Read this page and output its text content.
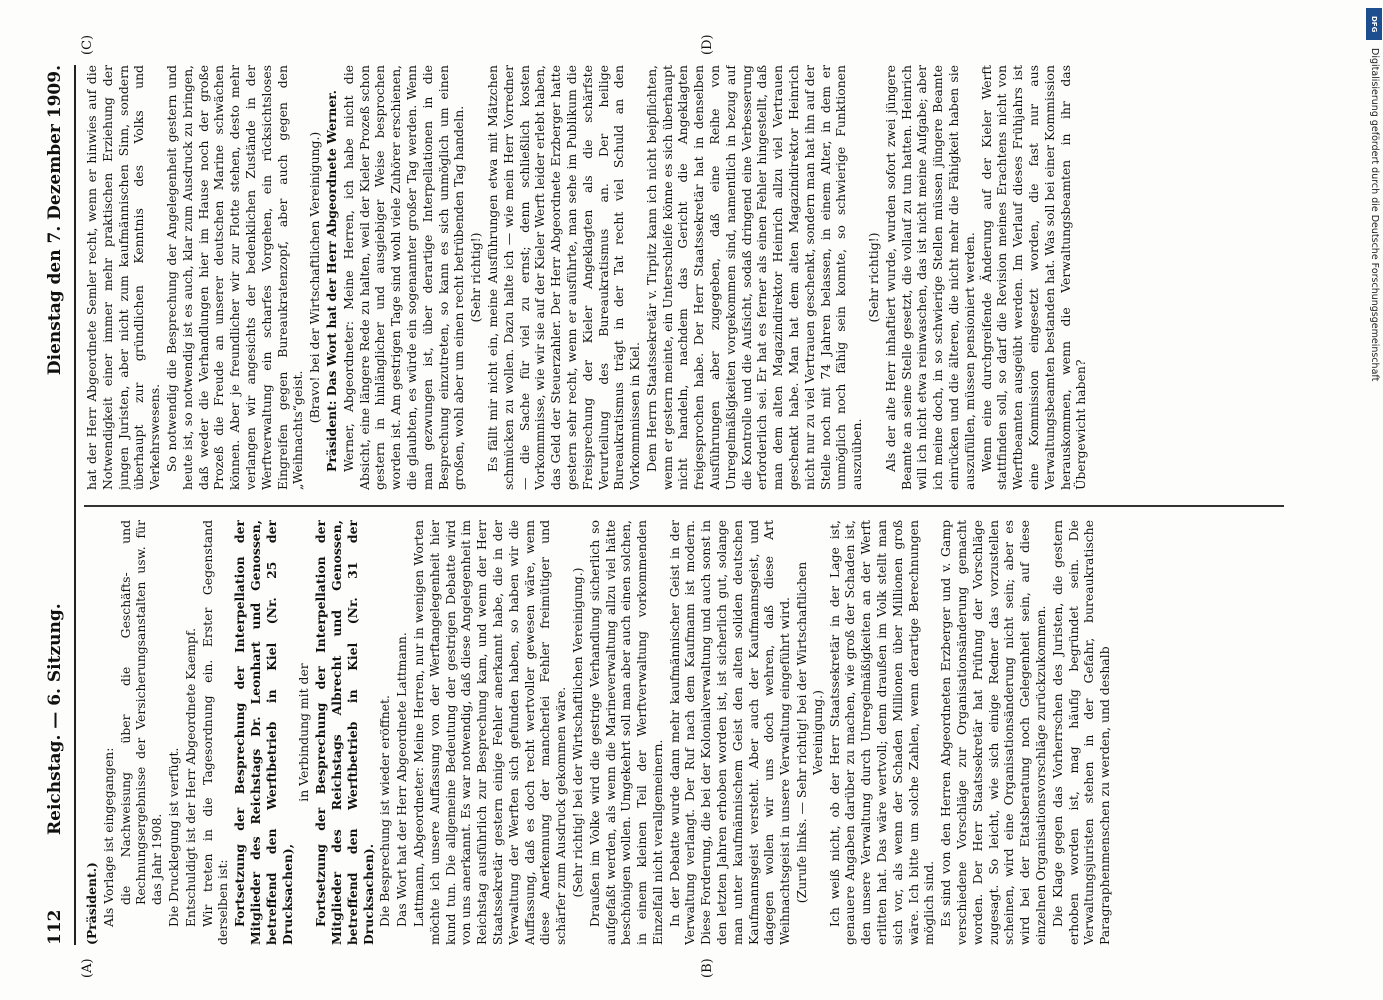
112
Reichstag. — 6. Sitzung.
Dienstag den 7. Dezember 1909.
(A)	(B)
(C)	(D)

(Präsident.) Als Vorlage ist eingegangen: die Nachweisung über die Geschäfts- und Rechnungsergebnisse der Versicherungsanstalten usw. für das Jahr 1908. Die Drucklegung ist verfügt. Entschuldigt ist der Herr Abgeordnete Kaempf. Wir treten in die Tagesordnung ein. Erster Gegenstand derselben ist: Fortsetzung der Besprechung der Interpellation der Mitglieder des Reichstags Dr. Leonhart und Genossen, betreffend den Werftbetrieb in Kiel (Nr. 25 der Drucksachen),

in Verbindung mit der Fortsetzung der Besprechung der Interpellation der Mitglieder des Reichstags Albrecht und Genossen, betreffend den Werftbetrieb in Kiel (Nr. 31 der Drucksachen). Die Besprechung ist wieder eröffnet. Das Wort hat der Herr Abgeordnete Lattmann. Lattmann, Abgeordneter: Meine Herren, nur in wenigen Worten möchte ich unsere Auffassung von der Werftangelegenheit hier kund tun. Die allgemeine Bedeutung der gestrigen Debatte wird von uns anerkannt. Es war notwendig, daß diese Angelegenheit im Reichstag ausführlich zur Besprechung kam, und wenn der Herr Staatssekretär gestern einige Fehler anerkannt habe, die in der Verwaltung der Werften sich gefunden haben, so haben wir die Auffassung, daß es doch recht wertvoller gewesen wäre, wenn diese Anerkennung der mancherlei Fehler freimütiger und schärfer zum Ausdruck gekommen wäre. (Sehr richtig! bei der Wirtschaftlichen Vereinigung.) Draußen im Volke wird die gestrige Verhandlung sicherlich so aufgefaßt werden, als wenn die Marineverwaltung allzu viel hätte beschönigen wollen. Umgekehrt soll man aber auch einen solchen, in einem kleinen Teil der Werftverwaltung vorkommenden Einzelfall nicht verallgemeinern. In der Debatte wurde dann mehr kaufmännischer Geist in der Verwaltung verlangt. Der Ruf nach dem Kaufmann ist modern. Diese Forderung, die bei der Kolonialverwaltung und auch sonst in den letzten Jahren erhoben worden ist, ist sicherlich gut, solange man unter kaufmännischem Geist den alten soliden deutschen Kaufmannsgeist versteht. Aber auch der Kaufmannsgeist, und dagegen wollen wir uns doch wehren, daß diese Art Weihnachtsgeist in unsere Verwaltung eingeführt wird. (Zurufe links. — Sehr richtig! bei der Wirtschaftlichen Vereinigung.) Ich weiß nicht, ob der Herr Staatssekretär in der Lage ist, genauere Angaben darüber zu machen, wie groß der Schaden ist, den unsere Verwaltung durch Unregelmäßigkeiten an der Werft erlitten hat. Das wäre wertvoll; denn draußen im Volk stellt man sich vor, als wenn der Schaden Millionen über Millionen groß wäre. Ich bitte um solche Zahlen, wenn derartige Berechnungen möglich sind. Es sind von den Herren Abgeordneten Erzberger und v. Gamp verschiedene Vorschläge zur Organisationsänderung gemacht worden. Der Herr Staatssekretär hat Prüfung der Vorschläge zugesagt. So leicht, wie sich einige Redner das vorzustellen scheinen, wird eine Organisationsänderung nicht sein; aber es wird bei der Etatsberatung noch Gelegenheit sein, auf diese einzelnen Organisationsvorschläge zurückzukommen. Die Klage gegen das Vorherrschen des Juristen, die gestern erhoben worden ist, mag häufig begründet sein. Die Verwaltungsjuristen stehen in der Gefahr, bureaukratische Paragraphenmenschen zu werden, und deshalb

hat der Herr Abgeordnete Semler recht, wenn er hinwies auf die Notwendigkeit einer immer mehr praktischen Erziehung der jungen Juristen, aber nicht zum kaufmännischen Sinn, sondern überhaupt zur gründlichen Kenntnis des Volks und Verkehrswesens. So notwendig die Besprechung der Angelegenheit gestern und heute ist, so notwendig ist es auch, klar zum Ausdruck zu bringen, daß weder die Verhandlungen hier im Hause noch der große Prozeß die Freude an unserer deutschen Marine schwächen können. Aber je freundlicher wir zur Flotte stehen, desto mehr verlangen wir angesichts der bedenklichen Zustände in der Werftverwaltung ein scharfes Vorgehen, ein rücksichtsloses Eingreifen gegen Bureaukratenzopf, aber auch gegen den „Weihnachts“geist.

(Bravo! bei der Wirtschaftlichen Vereinigung.) Präsident: Das Wort hat der Herr Abgeordnete Werner. Werner, Abgeordneter: Meine Herren, ich habe nicht die Absicht, eine längere Rede zu halten, weil der Kieler Prozeß schon gestern in hinlänglicher und ausgiebiger Weise besprochen worden ist. Am gestrigen Tage sind wohl viele Zuhörer erschienen, die glaubten, es würde ein sogenannter großer Tag werden. Wenn man gezwungen ist, über derartige Interpellationen in die Besprechung einzutreten, so kann es sich unmöglich um einen großen, wohl aber um einen recht betrübenden Tag handeln. (Sehr richtig!) Es fällt mir nicht ein, meine Ausführungen etwa mit Mätzchen schmücken zu wollen. Dazu halte ich — wie mein Herr Vorredner — die Sache für viel zu ernst; denn schließlich kosten Vorkommnisse, wie wir sie auf der Kieler Werft leider erlebt haben, das Geld der Steuerzahler. Der Herr Abgeordnete Erzberger hatte gestern sehr recht, wenn er ausführte, man sehe im Publikum die Freisprechung der Kieler Angeklagten als die schärfste Verurteilung des Bureaukratismus an. Der heilige Bureaukratismus trägt in der Tat recht viel Schuld an den Vorkommnissen in Kiel. Dem Herrn Staatssekretär v. Tirpitz kann ich nicht beipflichten, wenn er gestern meinte, ein Unterschleife könne es sich überhaupt nicht handeln, nachdem das Gericht die Angeklagten freigesprochen habe. Der Herr Staatssekretär hat in denselben Ausführungen aber zugegeben, daß eine Reihe von Unregelmäßigkeiten vorgekommen sind, namentlich in bezug auf die Kontrolle und die Aufsicht, sodaß dringend eine Verbesserung erforderlich sei. Er hat es ferner als einen Fehler hingestellt, daß man dem alten Magazindirektor Heinrich allzu viel Vertrauen geschenkt habe. Man hat dem alten Magazindirektor Heinrich nicht nur zu viel Vertrauen geschenkt, sondern man hat ihn auf der Stelle noch mit 74 Jahren belassen, in einem Alter, in dem er unmöglich noch fähig sein konnte, so schwierige Funktionen auszuüben.

(Sehr richtig!) Als der alte Herr inhaftiert wurde, wurden sofort zwei jüngere Beamte an seine Stelle gesetzt, die vollauf zu tun hatten. Heinrich will ich nicht etwa reinwaschen, das ist nicht meine Aufgabe; aber ich meine doch, in so schwierige Stellen müssen jüngere Beamte einrücken und die älteren, die nicht mehr die Fähigkeit haben sie auszufüllen, müssen pensioniert werden. Wenn eine durchgreifende Änderung auf der Kieler Werft stattfinden soll, so darf die Revision meines Erachtens nicht von Werftbeamten ausgeübt werden. Im Verlauf dieses Frühjahrs ist eine Kommission eingesetzt worden, die fast nur aus Verwaltungsbeamten bestanden hat. Was soll bei einer Kommission herauskommen, wenn die Verwaltungsbeamten in ihr das Übergewicht haben?

Digitalisierung gefördert durch die Deutsche Forschungsgemeinschaft
DFG
